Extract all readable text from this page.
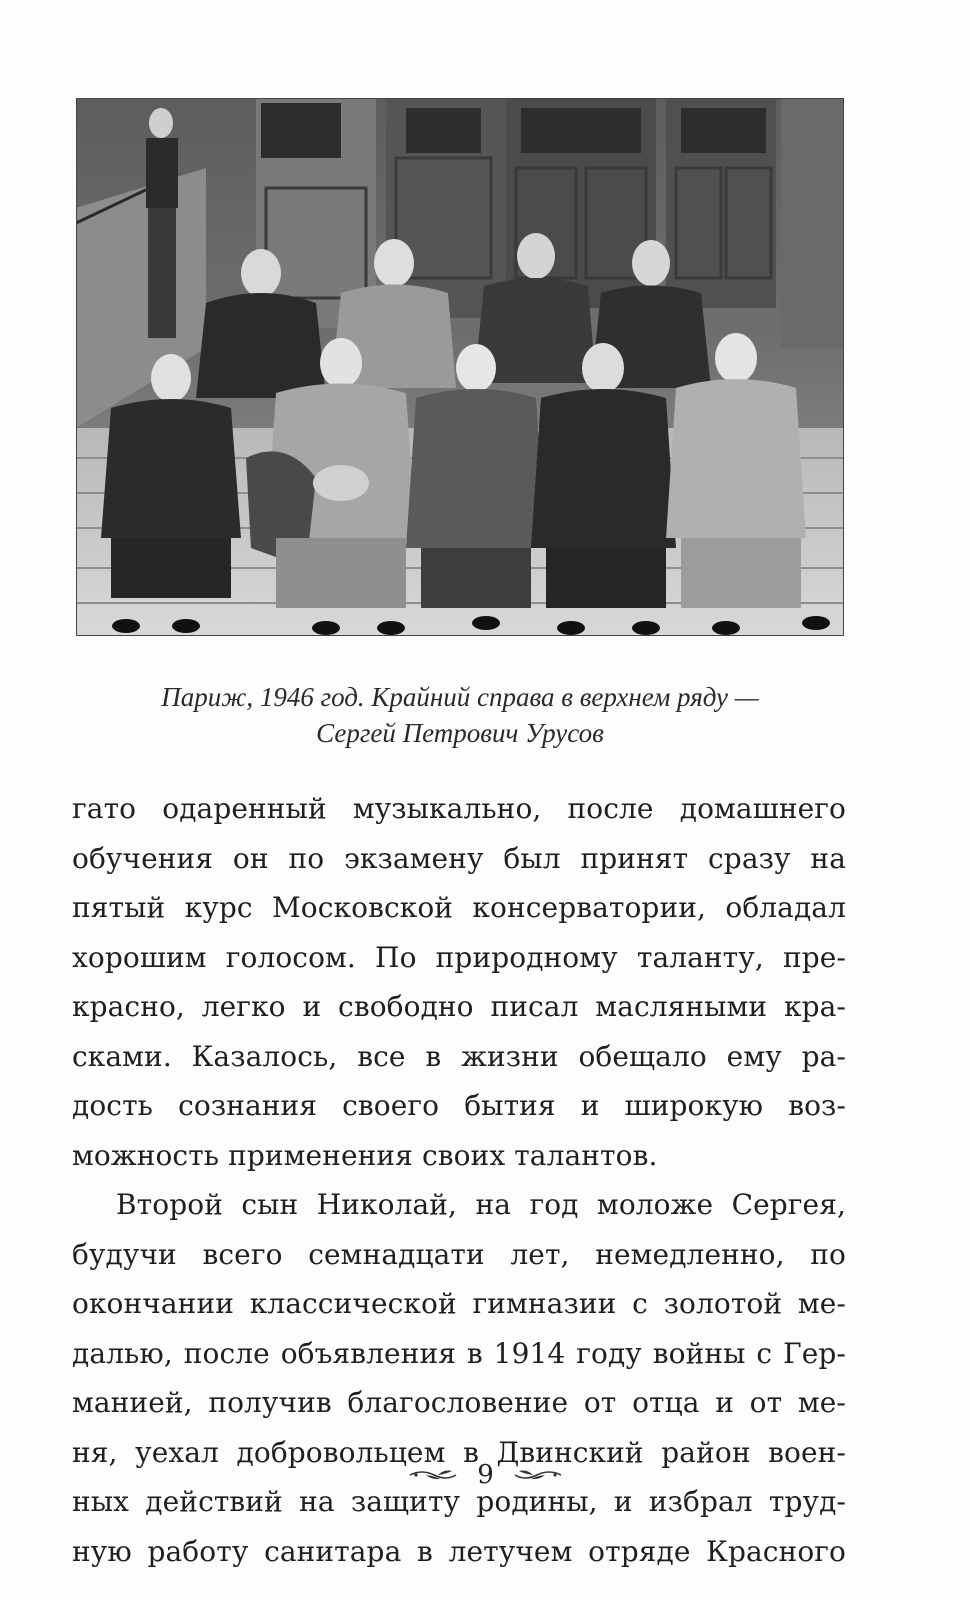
Париж, 1946 год. Крайний справа в верхнем ряду —
Сергей Петрович Урусов
гато одаренный музыкально, после домашнего
обучения он по экзамену был принят сразу на
пятый курс Московской консерватории, обладал
хорошим голосом. По природному таланту, пре-
красно, легко и свободно писал масляными кра-
сками. Казалось, все в жизни обещало ему ра-
дость сознания своего бытия и широкую воз-
можность применения своих талантов.
Второй сын Николай, на год моложе Сергея,
будучи всего семнадцати лет, немедленно, по
окончании классической гимназии с золотой ме-
далью, после объявления в 1914 году войны с Гер-
манией, получив благословение от отца и от ме-
ня, уехал добровольцем в Двинский район воен-
ных действий на защиту родины, и избрал труд-
ную работу санитара в летучем отряде Красного
9
